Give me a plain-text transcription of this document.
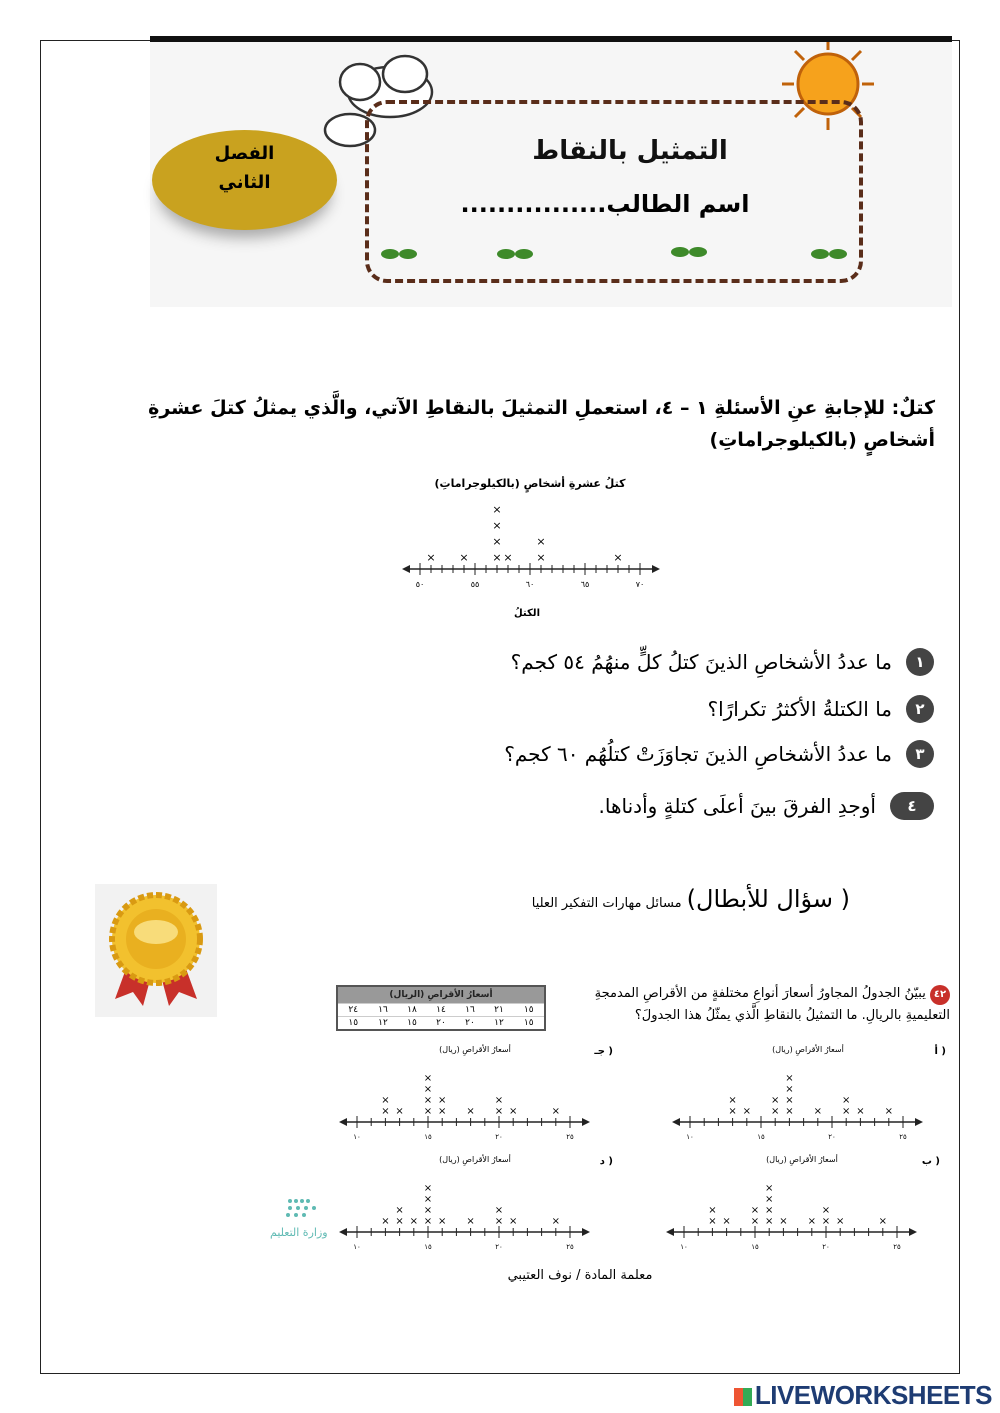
التمثيل بالنقاط
اسم الطالب................
الفصل
الثاني
كتلٌ: للإجابةِ عنِ الأسئلةِ ١ – ٤، استعملِ التمثيلَ بالنقاطِ الآتي، والَّذي يمثلُ كتلَ عشرةِ أشخاصٍ (بالكيلوجراماتِ)
كتلُ عشرةِ أشخاصٍ (بالكيلوجراماتِ)
الكتلُ
٥٠	٥٥	٦٠	٦٥	٧٠
× × ×
×
×
×
× ×
×
×
١
ما عددُ الأشخاصِ الذينَ كتلُ كلٍّ منهُمُ ٥٤ كجم؟
٢
ما الكتلةُ الأكثرُ تكرارًا؟
٣
ما عددُ الأشخاصِ الذينَ تجاوَزَتْ كتلُهُم ٦٠ كجم؟
٤
أوجدِ الفرقَ بينَ أعلَى كتلةٍ وأدناها.
( سؤال للأبطال) مسائل مهارات التفكير العليا
٤٢ يبيّنُ الجدولُ المجاورُ أسعارَ أنواعِ مختلفةٍ من الأقراصِ المدمجةِ التعليميةِ بالريالِ. ما التمثيلُ بالنقاطِ الَّذي يمثّلُ هذا الجدولَ؟
أسعارُ الأقراصِ (الريال)						
٢٤	١٦	١٨	١٤	١٦	٢١	١٥
١٥	١٢	١٥	٢٠	٢٠	١٢	١٥
أسعارُ الأقراصِ (ريال)	أ )
١٠	١٥	٢٠	٢٥
×
×
× ×
×
×
×
×
×
× ×
×
× ×
أسعارُ الأقراصِ (ريال)	جـ )
١٠	١٥	٢٠	٢٥
×
×
× ×
×
×
×
×
×
× ×
×
×	×
أسعارُ الأقراصِ (ريال)	ب )
١٠	١٥	٢٠	٢٥
×
×
× ×
×
×
×
×
×
× × ×
×
×	×
أسعارُ الأقراصِ (ريال)	د )
١٠	١٥	٢٠	٢٥
× ×
×
× ×
×
×
×
× × ×
×
×	×
وزارة التعليم
معلمة المادة / نوف العتيبي
LIVEWORKSHEETS
